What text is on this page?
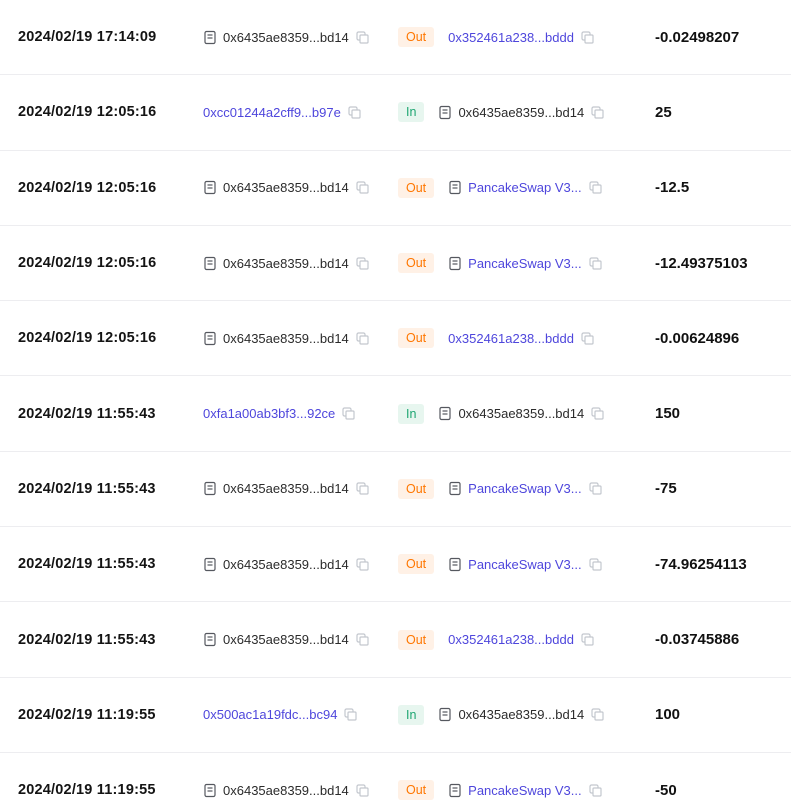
2024/02/19 17:14:09	0x6435ae8359...bd14	Out	0x352461a238...bddd	-0.02498207
2024/02/19 12:05:16	0xcc01244a2cff9...b97e	In	0x6435ae8359...bd14	25
2024/02/19 12:05:16	0x6435ae8359...bd14	Out	PancakeSwap V3...	-12.5
2024/02/19 12:05:16	0x6435ae8359...bd14	Out	PancakeSwap V3...	-12.49375103
2024/02/19 12:05:16	0x6435ae8359...bd14	Out	0x352461a238...bddd	-0.00624896
2024/02/19 11:55:43	0xfa1a00ab3bf3...92ce	In	0x6435ae8359...bd14	150
2024/02/19 11:55:43	0x6435ae8359...bd14	Out	PancakeSwap V3...	-75
2024/02/19 11:55:43	0x6435ae8359...bd14	Out	PancakeSwap V3...	-74.96254113
2024/02/19 11:55:43	0x6435ae8359...bd14	Out	0x352461a238...bddd	-0.03745886
2024/02/19 11:19:55	0x500ac1a19fdc...bc94	In	0x6435ae8359...bd14	100
2024/02/19 11:19:55	0x6435ae8359...bd14	Out	PancakeSwap V3...	-50
